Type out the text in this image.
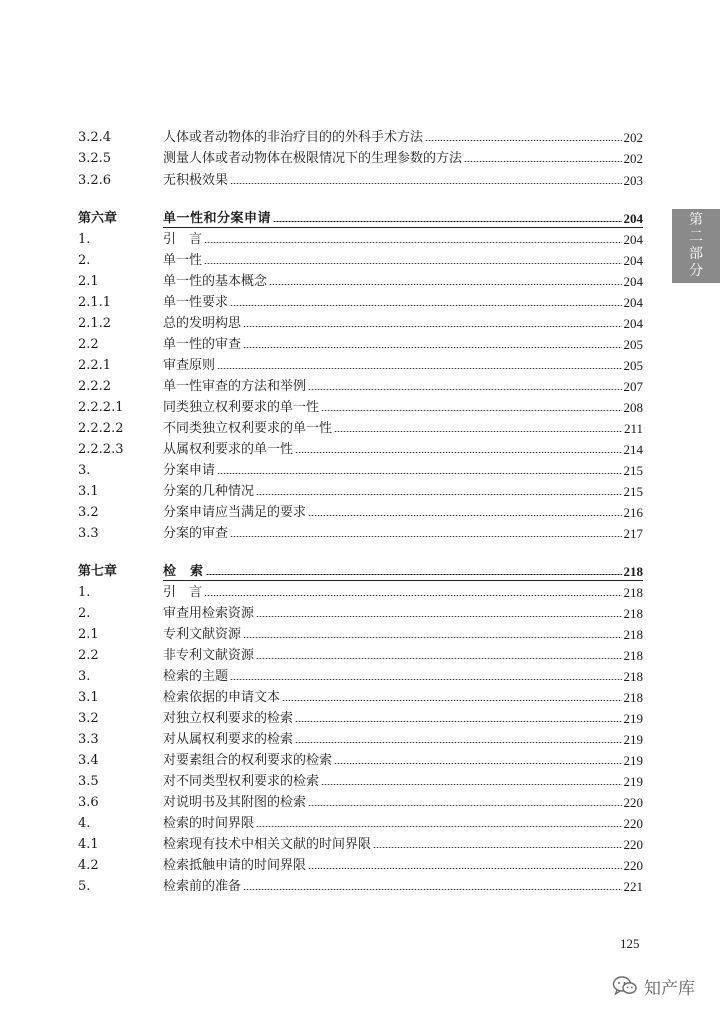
3.2.4	人体或者动物体的非治疗目的的外科手术方法	202
3.2.5	测量人体或者动物体在极限情况下的生理参数的方法	202
3.2.6	无积极效果	203
第六章	单一性和分案申请	204
1.	引　言	204
2.	单一性	204
2.1	单一性的基本概念	204
2.1.1	单一性要求	204
2.1.2	总的发明构思	204
2.2	单一性的审查	205
2.2.1	审查原则	205
2.2.2	单一性审查的方法和举例	207
2.2.2.1	同类独立权利要求的单一性	208
2.2.2.2	不同类独立权利要求的单一性	211
2.2.2.3	从属权利要求的单一性	214
3.	分案申请	215
3.1	分案的几种情况	215
3.2	分案申请应当满足的要求	216
3.3	分案的审查	217
第七章	检　索	218
1.	引　言	218
2.	审查用检索资源	218
2.1	专利文献资源	218
2.2	非专利文献资源	218
3.	检索的主题	218
3.1	检索依据的申请文本	218
3.2	对独立权利要求的检索	219
3.3	对从属权利要求的检索	219
3.4	对要素组合的权利要求的检索	219
3.5	对不同类型权利要求的检索	219
3.6	对说明书及其附图的检索	220
4.	检索的时间界限	220
4.1	检索现有技术中相关文献的时间界限	220
4.2	检索抵触申请的时间界限	220
5.	检索前的准备	221
第
二
部
分
125
知产库
